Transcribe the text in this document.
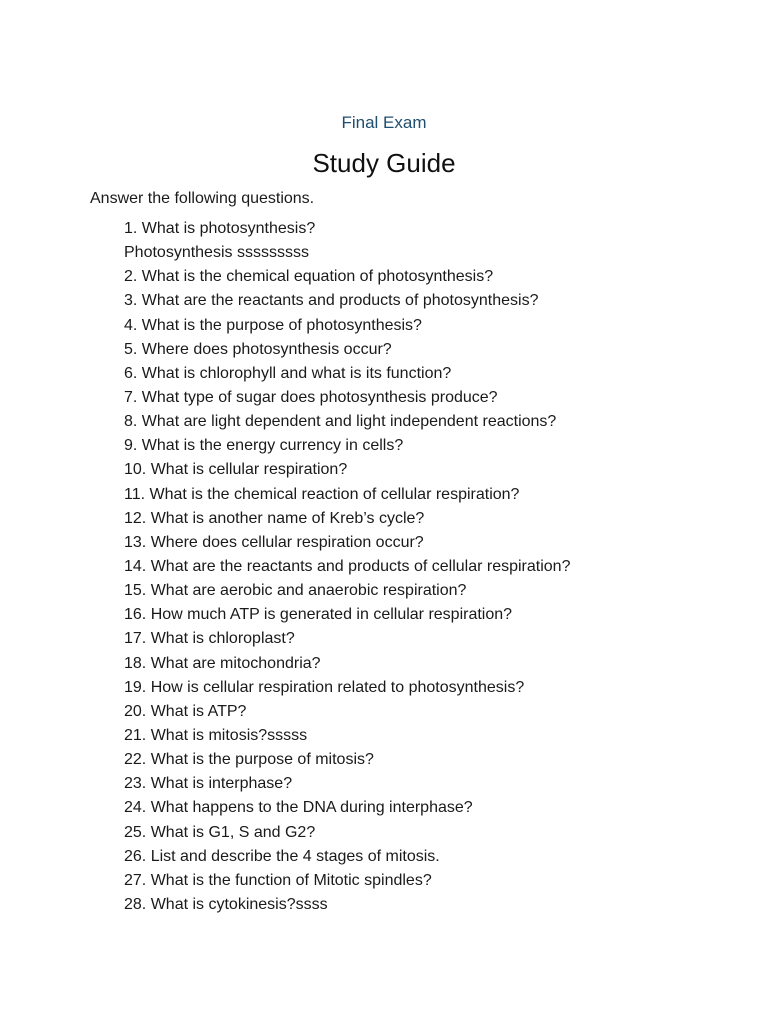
Final Exam
Study Guide
Answer the following questions.
1. What is photosynthesis?
Photosynthesis sssssssss
2. What is the chemical equation of photosynthesis?
3. What are the reactants and products of photosynthesis?
4. What is the purpose of photosynthesis?
5. Where does photosynthesis occur?
6. What is chlorophyll and what is its function?
7. What type of sugar does photosynthesis produce?
8. What are light dependent and light independent reactions?
9. What is the energy currency in cells?
10. What is cellular respiration?
11. What is the chemical reaction of cellular respiration?
12. What is another name of Kreb’s cycle?
13. Where does cellular respiration occur?
14. What are the reactants and products of cellular respiration?
15. What are aerobic and anaerobic respiration?
16. How much ATP is generated in cellular respiration?
17. What is chloroplast?
18. What are mitochondria?
19. How is cellular respiration related to photosynthesis?
20. What is ATP?
21. What is mitosis?sssss
22. What is the purpose of mitosis?
23. What is interphase?
24. What happens to the DNA during interphase?
25. What is G1, S and G2?
26. List and describe the 4 stages of mitosis.
27. What is the function of Mitotic spindles?
28. What is cytokinesis?ssss
